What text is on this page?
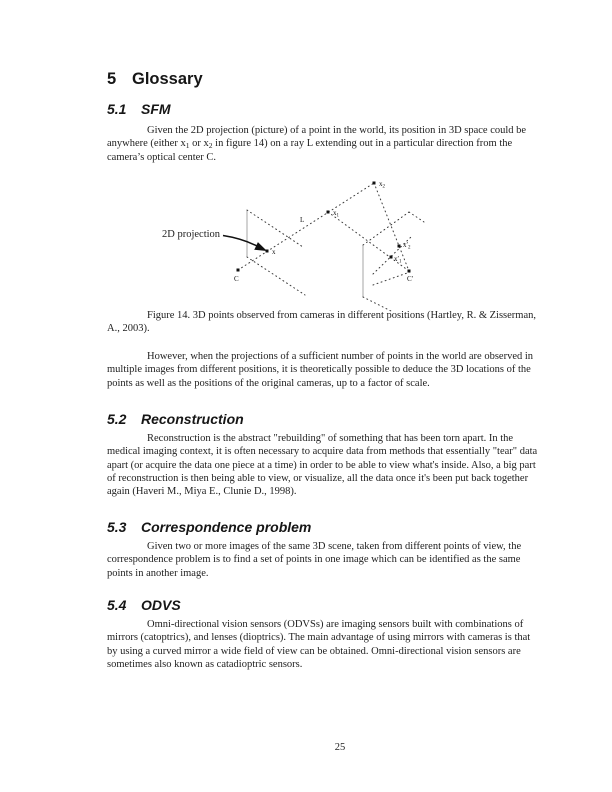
5 Glossary
5.1 SFM

Given the 2D projection (picture) of a point in the world, its position in 3D space could be anywhere (either $x_1$ or $x_2$ in figure 14) on a ray L extending out in a particular direction from the camera’s optical center C.

x
C
L
$x_1$
$x_2$
$x'_2$
$x'_1$
C′
2D projection

Figure 14. 3D points observed from cameras in different positions (Hartley, R. & Zisserman, A., 2003).

However, when the projections of a sufficient number of points in the world are observed in multiple images from different positions, it is theoretically possible to deduce the 3D locations of the points as well as the positions of the original cameras, up to a factor of scale.

5.2 Reconstruction

Reconstruction is the abstract "rebuilding" of something that has been torn apart. In the medical imaging context, it is often necessary to acquire data from methods that essentially "tear" data apart (or acquire the data one piece at a time) in order to be able to view what's inside. Also, a big part of reconstruction is then being able to view, or visualize, all the data once it's been put back together again (Haveri M., Miya E., Clunie D., 1998).

5.3 Correspondence problem

Given two or more images of the same 3D scene, taken from different points of view, the correspondence problem is to find a set of points in one image which can be identified as the same points in another image.

5.4 ODVS

Omni-directional vision sensors (ODVSs) are imaging sensors built with combinations of mirrors (catoptrics), and lenses (dioptrics). The main advantage of using mirrors with cameras is that by using a curved mirror a wide field of view can be obtained. Omni-directional vision sensors are sometimes also known as catadioptric sensors.

25
